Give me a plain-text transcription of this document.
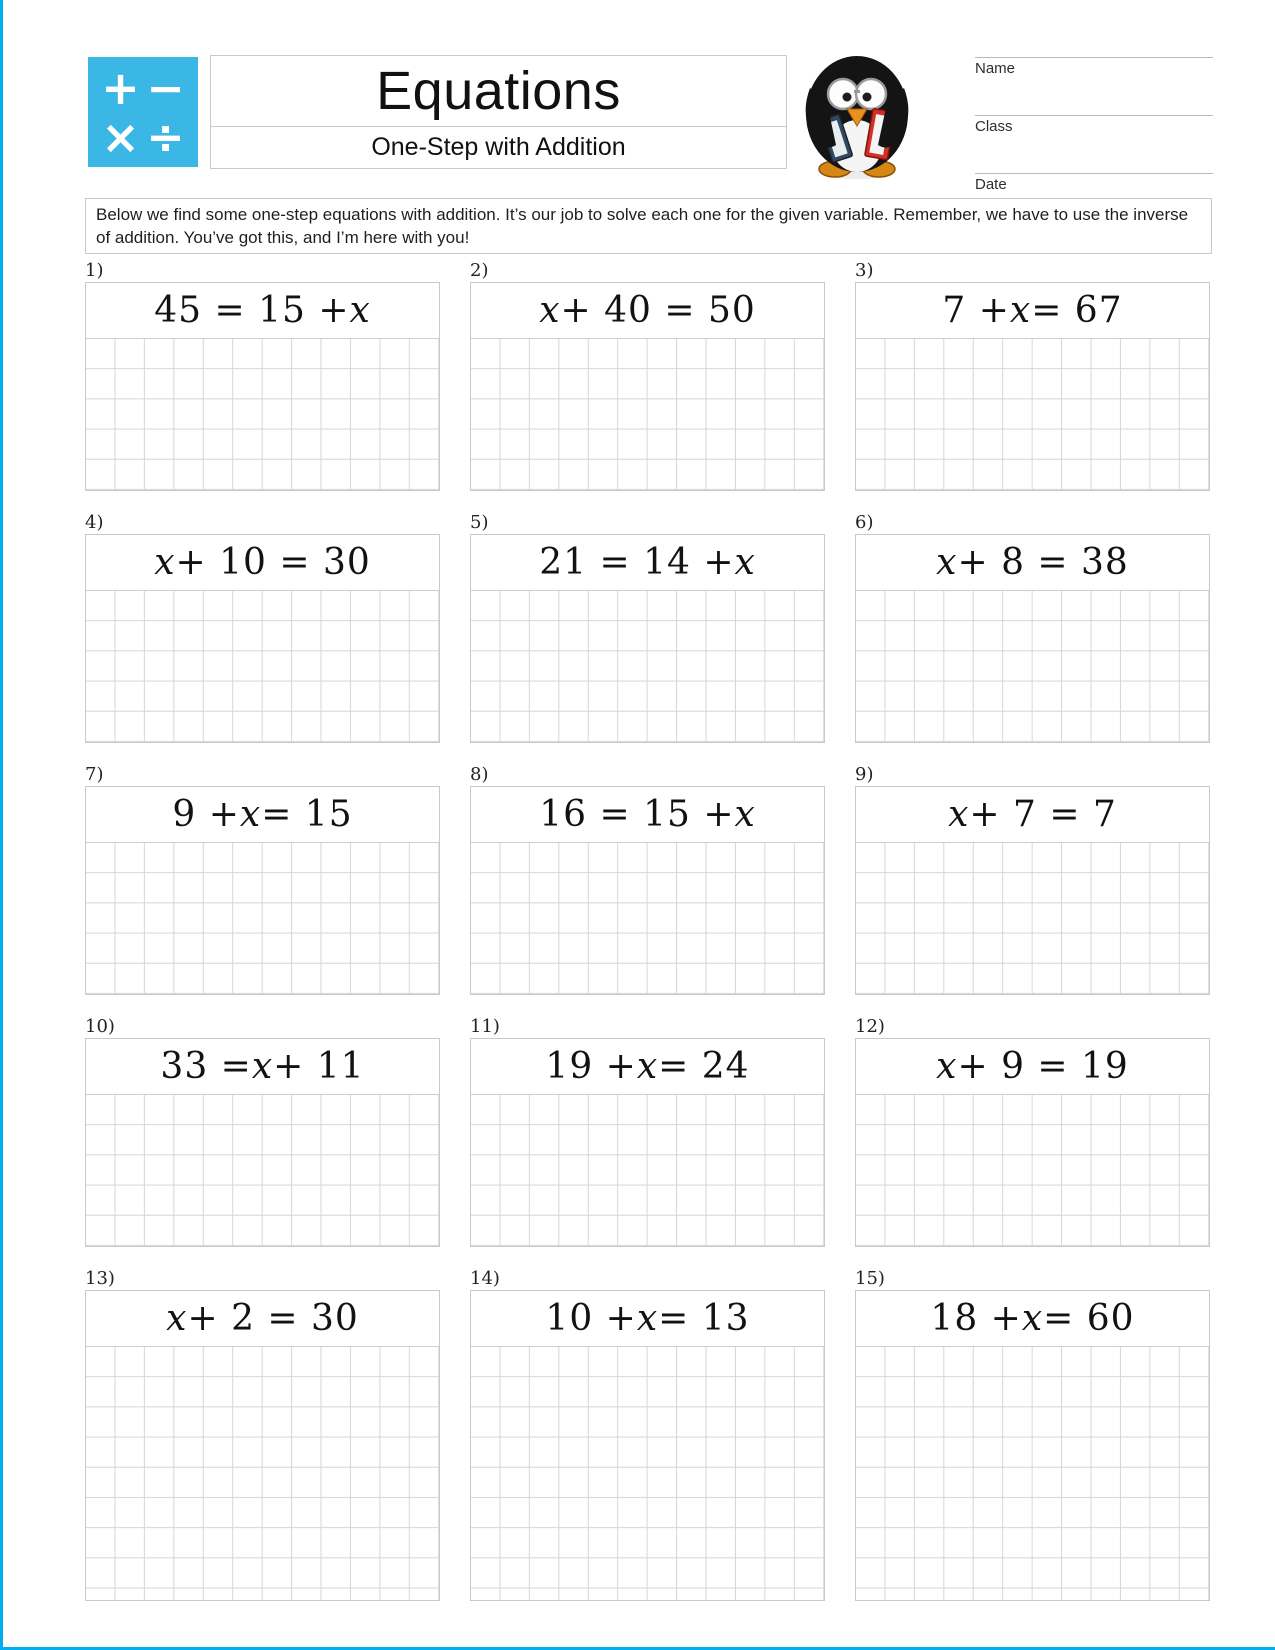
+ −
× ÷
Equations
One-Step with Addition
Name
Class
Date
Below we find some one-step equations with addition. It’s our job to solve each one for the given variable. Remember, we have to use the inverse of addition. You’ve got this, and I’m here with you!
1)
45 = 15 + x
2)
x + 40 = 50
3)
7 + x = 67
4)
x + 10 = 30
5)
21 = 14 + x
6)
x + 8 = 38
7)
9 + x = 15
8)
16 = 15 + x
9)
x + 7 = 7
10)
33 = x + 11
11)
19 + x = 24
12)
x + 9 = 19
13)
x + 2 = 30
14)
10 + x = 13
15)
18 + x = 60
